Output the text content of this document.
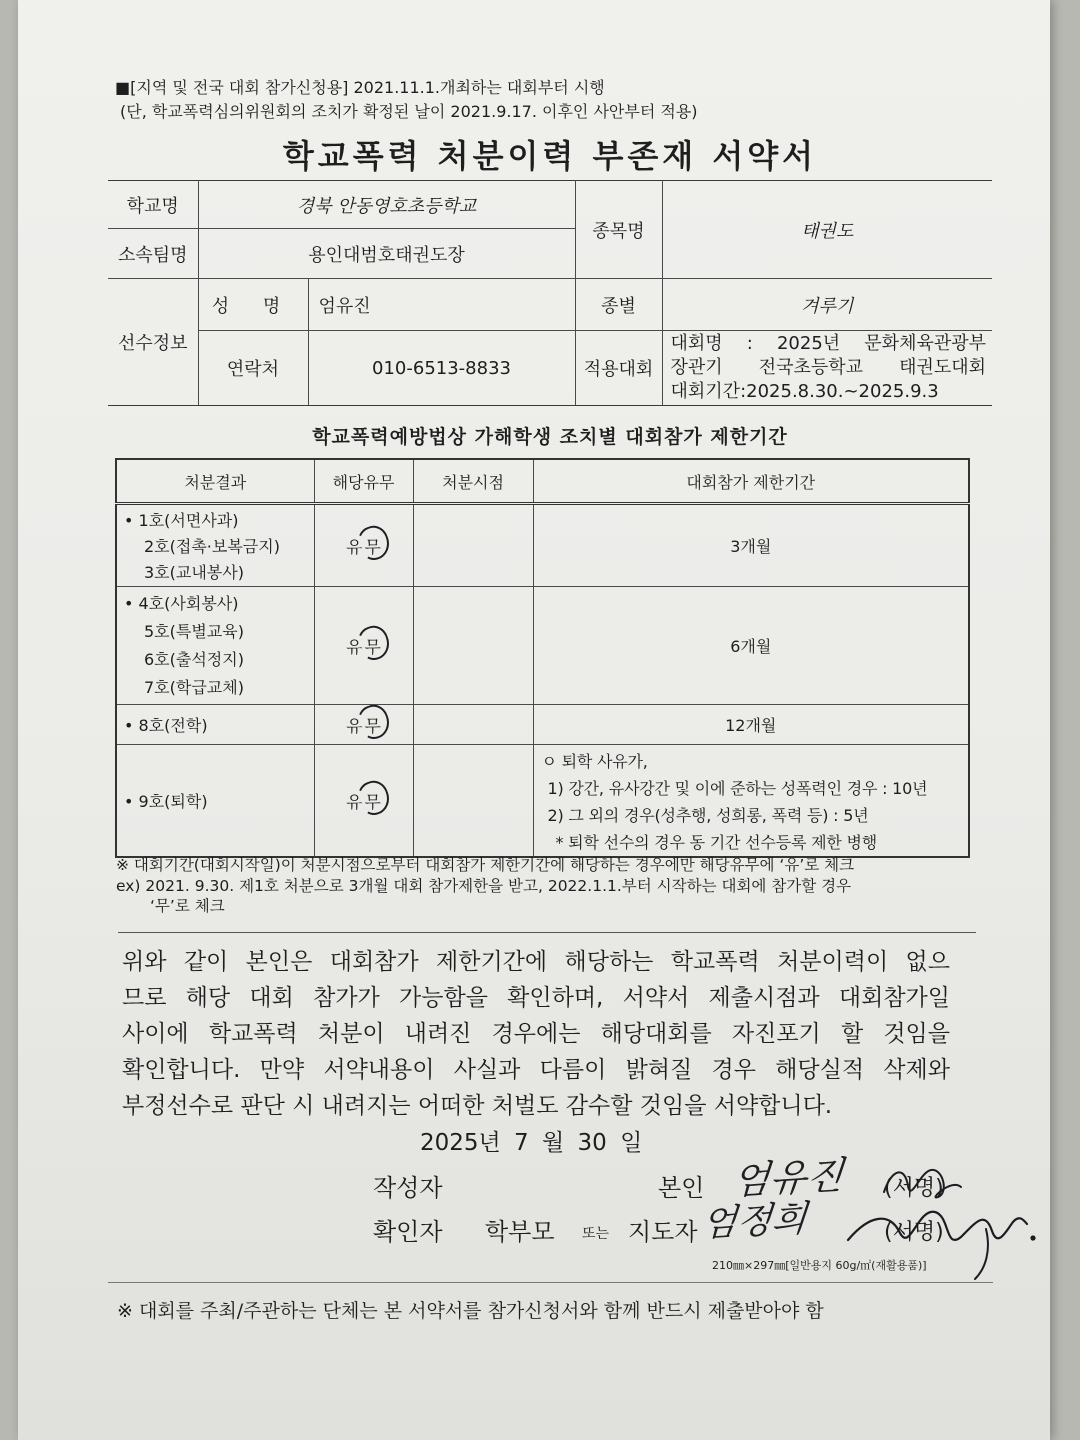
■[지역 및 전국 대회 참가신청용] 2021.11.1.개최하는 대회부터 시행
(단, 학교폭력심의위원회의 조치가 확정된 날이 2021.9.17. 이후인 사안부터 적용)
학교폭력 처분이력 부존재 서약서
학교명	경북 안동영호초등학교		종목명	태권도
소속팀명	용인대범호태권도장			
선수정보	성 명	엄유진	종별	겨루기
	연락처	010-6513-8833	적용대회	대회명 : 2025년 문화체육관광부
장관기 전국초등학교 태권도대회
대회기간:2025.8.30.~2025.9.3
학교폭력예방법상 가해학생 조치별 대회참가 제한기간
처분결과	해당유무	처분시점	대회참가 제한기간

• 1호(서면사과)
2호(접촉·보복금지)
3호(교내봉사)	유 무		3개월

• 4호(사회봉사)
5호(특별교육)
6호(출석정지)
7호(학급교체)	유 무		6개월

• 8호(전학)	유 무		12개월

• 9호(퇴학)	유 무		ㅇ 퇴학 사유가,
1) 강간, 유사강간 및 이에 준하는 성폭력인 경우 : 10년
2) 그 외의 경우(성추행, 성희롱, 폭력 등) : 5년
* 퇴학 선수의 경우 동 기간 선수등록 제한 병행
※ 대회기간(대회시작일)이 처분시점으로부터 대회참가 제한기간에 해당하는 경우에만 해당유무에 ‘유’로 체크
ex) 2021. 9.30. 제1호 처분으로 3개월 대회 참가제한을 받고, 2022.1.1.부터 시작하는 대회에 참가할 경우
‘무’로 체크
위와 같이 본인은 대회참가 제한기간에 해당하는 학교폭력 처분이력이 없으
므로 해당 대회 참가가 가능함을 확인하며, 서약서 제출시점과 대회참가일
사이에 학교폭력 처분이 내려진 경우에는 해당대회를 자진포기 할 것임을
확인합니다. 만약 서약내용이 사실과 다름이 밝혀질 경우 해당실적 삭제와
부정선수로 판단 시 내려지는 어떠한 처벌도 감수할 것임을 서약합니다.
2025년 7 월 30 일
작성자	본인 엄유진 (서명)
확인자 학부모 또는 지도자 엄정희	(서명)
210㎜×297㎜[일반용지 60g/㎡(재활용품)]
※ 대회를 주최/주관하는 단체는 본 서약서를 참가신청서와 함께 반드시 제출받아야 함
